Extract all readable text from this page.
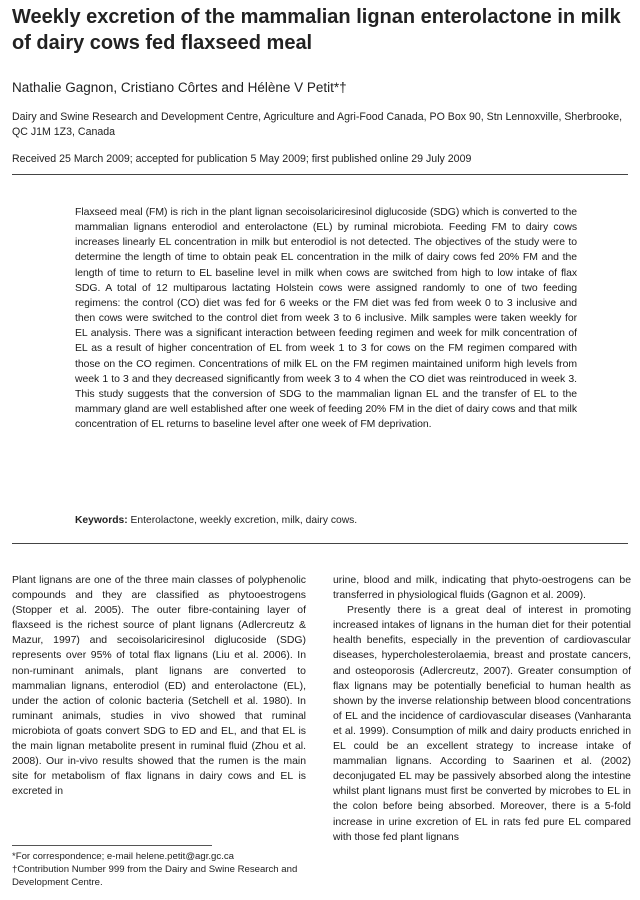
Weekly excretion of the mammalian lignan enterolactone in milk of dairy cows fed flaxseed meal
Nathalie Gagnon, Cristiano Côrtes and Hélène V Petit*†
Dairy and Swine Research and Development Centre, Agriculture and Agri-Food Canada, PO Box 90, Stn Lennoxville, Sherbrooke, QC J1M 1Z3, Canada
Received 25 March 2009; accepted for publication 5 May 2009; first published online 29 July 2009
Flaxseed meal (FM) is rich in the plant lignan secoisolariciresinol diglucoside (SDG) which is converted to the mammalian lignans enterodiol and enterolactone (EL) by ruminal microbiota. Feeding FM to dairy cows increases linearly EL concentration in milk but enterodiol is not detected. The objectives of the study were to determine the length of time to obtain peak EL concentration in the milk of dairy cows fed 20% FM and the length of time to return to EL baseline level in milk when cows are switched from high to low intake of flax SDG. A total of 12 multiparous lactating Holstein cows were assigned randomly to one of two feeding regimens: the control (CO) diet was fed for 6 weeks or the FM diet was fed from week 0 to 3 inclusive and then cows were switched to the control diet from week 3 to 6 inclusive. Milk samples were taken weekly for EL analysis. There was a significant interaction between feeding regimen and week for milk concentration of EL as a result of higher concentration of EL from week 1 to 3 for cows on the FM regimen compared with those on the CO regimen. Concentrations of milk EL on the FM regimen maintained uniform high levels from week 1 to 3 and they decreased significantly from week 3 to 4 when the CO diet was reintroduced in week 3. This study suggests that the conversion of SDG to the mammalian lignan EL and the transfer of EL to the mammary gland are well established after one week of feeding 20% FM in the diet of dairy cows and that milk concentration of EL returns to baseline level after one week of FM deprivation.
Keywords: Enterolactone, weekly excretion, milk, dairy cows.

Plant lignans are one of the three main classes of polyphenolic compounds and they are classified as phytooestrogens (Stopper et al. 2005). The outer fibre-containing layer of flaxseed is the richest source of plant lignans (Adlercreutz & Mazur, 1997) and secoisolariciresinol diglucoside (SDG) represents over 95% of total flax lignans (Liu et al. 2006). In non-ruminant animals, plant lignans are converted to mammalian lignans, enterodiol (ED) and enterolactone (EL), under the action of colonic bacteria (Setchell et al. 1980). In ruminant animals, studies in vivo showed that ruminal microbiota of goats convert SDG to ED and EL, and that EL is the main lignan metabolite present in ruminal fluid (Zhou et al. 2008). Our in-vivo results showed that the rumen is the main site for metabolism of flax lignans in dairy cows and EL is excreted in

urine, blood and milk, indicating that phyto-oestrogens can be transferred in physiological fluids (Gagnon et al. 2009).

Presently there is a great deal of interest in promoting increased intakes of lignans in the human diet for their potential health benefits, especially in the prevention of cardiovascular diseases, hypercholesterolaemia, breast and prostate cancers, and osteoporosis (Adlercreutz, 2007). Greater consumption of flax lignans may be potentially beneficial to human health as shown by the inverse relationship between blood concentrations of EL and the incidence of cardiovascular diseases (Vanharanta et al. 1999). Consumption of milk and dairy products enriched in EL could be an excellent strategy to increase intake of mammalian lignans. According to Saarinen et al. (2002) deconjugated EL may be passively absorbed along the intestine whilst plant lignans must first be converted by microbes to EL in the colon before being absorbed. Moreover, there is a 5-fold increase in urine excretion of EL in rats fed pure EL compared with those fed plant lignans

*For correspondence; e-mail helene.petit@agr.gc.ca
†Contribution Number 999 from the Dairy and Swine Research and Development Centre.
